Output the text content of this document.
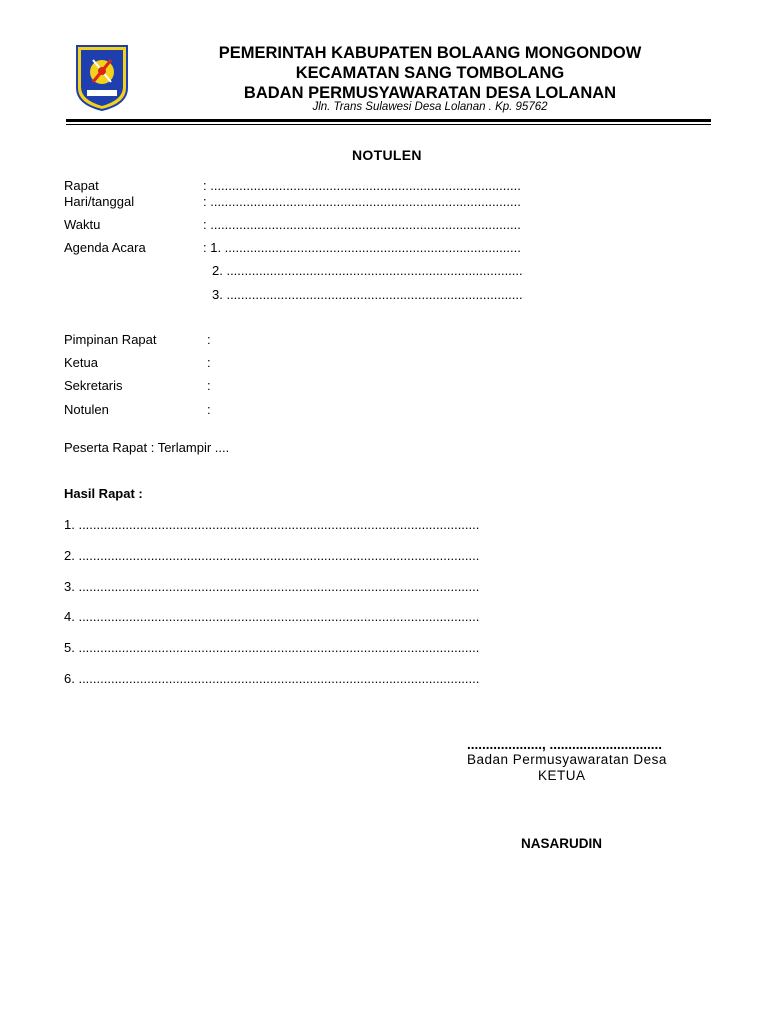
PEMERINTAH KABUPATEN BOLAANG MONGONDOW
KECAMATAN SANG TOMBOLANG
BADAN PERMUSYAWARATAN DESA LOLANAN
Jln. Trans Sulawesi Desa Lolanan . Kp. 95762
NOTULEN
Rapat	: ......................................................................................
Hari/tanggal	: ......................................................................................
Waktu	: ......................................................................................
Agenda Acara	: 1. ..................................................................................
2. ..................................................................................
3. ..................................................................................
Pimpinan Rapat	:
Ketua	:
Sekretaris	:
Notulen	:
Peserta Rapat : Terlampir ....
Hasil Rapat :
1. ...............................................................................................................
2. ...............................................................................................................
3. ...............................................................................................................
4. ...............................................................................................................
5. ...............................................................................................................
6. ...............................................................................................................
...................., ..............................
Badan Permusyawaratan Desa
KETUA
NASARUDIN
